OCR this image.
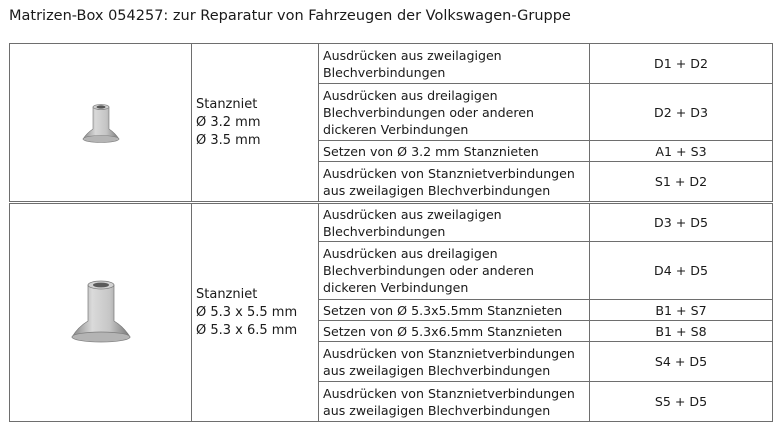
Matrizen-Box 054257: zur Reparatur von Fahrzeugen der Volkswagen-Gruppe

Stanzniet
Ø 3.2 mm
Ø 3.5 mm	Ausdrücken aus zweilagigen
Blechverbindungen	D1 + D2

		Ausdrücken aus dreilagigen
Blechverbindungen oder anderen
dickeren Verbindungen	D2 + D3

		Setzen von Ø 3.2 mm Stanznieten	A1 + S3

		Ausdrücken von Stanznietverbindungen
aus zweilagigen Blechverbindungen	S1 + D2

Stanzniet
Ø 5.3 x 5.5 mm
Ø 5.3 x 6.5 mm	Ausdrücken aus zweilagigen
Blechverbindungen	D3 + D5

		Ausdrücken aus dreilagigen
Blechverbindungen oder anderen
dickeren Verbindungen	D4 + D5

		Setzen von Ø 5.3x5.5mm Stanznieten	B1 + S7

		Setzen von Ø 5.3x6.5mm Stanznieten	B1 + S8

		Ausdrücken von Stanznietverbindungen
aus zweilagigen Blechverbindungen	S4 + D5

		Ausdrücken von Stanznietverbindungen
aus zweilagigen Blechverbindungen	S5 + D5
